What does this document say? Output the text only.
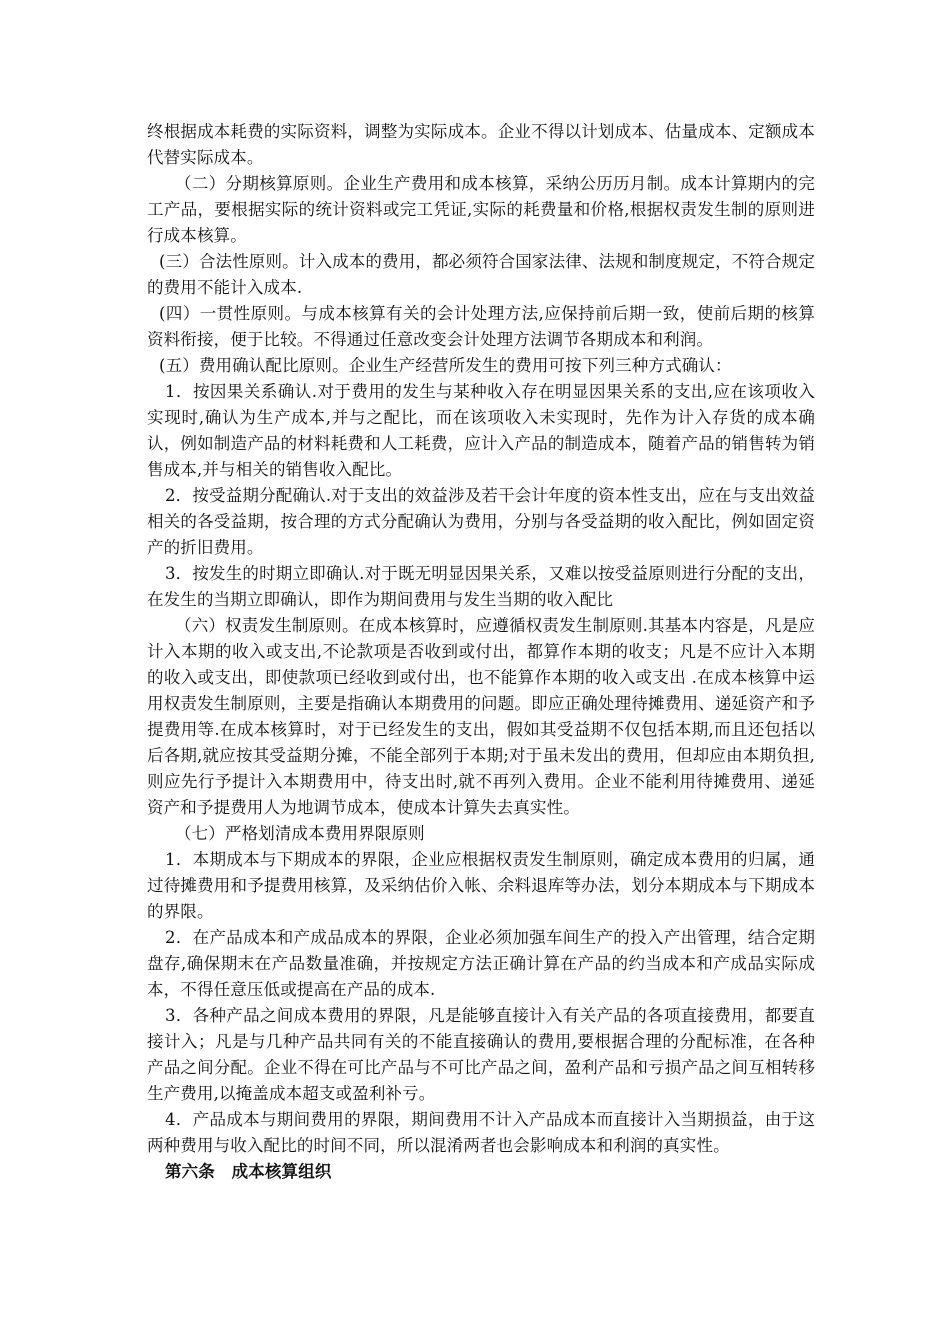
终根据成本耗费的实际资料，调整为实际成本。企业不得以计划成本、估量成本、定额成本代替实际成本。

（二）分期核算原则。企业生产费用和成本核算，采纳公历历月制。成本计算期内的完工产品，要根据实际的统计资料或完工凭证,实际的耗费量和价格,根据权责发生制的原则进行成本核算。

(三）合法性原则。计入成本的费用，都必须符合国家法律、法规和制度规定，不符合规定的费用不能计入成本.

(四）一贯性原则。与成本核算有关的会计处理方法,应保持前后期一致，使前后期的核算资料衔接，便于比较。不得通过任意改变会计处理方法调节各期成本和利润。

(五）费用确认配比原则。企业生产经营所发生的费用可按下列三种方式确认：

1．按因果关系确认.对于费用的发生与某种收入存在明显因果关系的支出,应在该项收入实现时,确认为生产成本,并与之配比，而在该项收入未实现时，先作为计入存货的成本确认，例如制造产品的材料耗费和人工耗费，应计入产品的制造成本，随着产品的销售转为销售成本,并与相关的销售收入配比。

2．按受益期分配确认.对于支出的效益涉及若干会计年度的资本性支出，应在与支出效益相关的各受益期，按合理的方式分配确认为费用，分别与各受益期的收入配比，例如固定资产的折旧费用。

3．按发生的时期立即确认.对于既无明显因果关系，又难以按受益原则进行分配的支出，在发生的当期立即确认，即作为期间费用与发生当期的收入配比

（六）权责发生制原则。在成本核算时，应遵循权责发生制原则.其基本内容是，凡是应计入本期的收入或支出,不论款项是否收到或付出，都算作本期的收支；凡是不应计入本期的收入或支出，即使款项已经收到或付出，也不能算作本期的收入或支出 .在成本核算中运用权责发生制原则，主要是指确认本期费用的问题。即应正确处理待摊费用、递延资产和予提费用等.在成本核算时，对于已经发生的支出，假如其受益期不仅包括本期,而且还包括以后各期,就应按其受益期分摊，不能全部列于本期;对于虽未发出的费用，但却应由本期负担,则应先行予提计入本期费用中，待支出时,就不再列入费用。企业不能利用待摊费用、递延资产和予提费用人为地调节成本，使成本计算失去真实性。

（七）严格划清成本费用界限原则

1．本期成本与下期成本的界限，企业应根据权责发生制原则，确定成本费用的归属，通过待摊费用和予提费用核算，及采纳估价入帐、余料退库等办法，划分本期成本与下期成本的界限。

2．在产品成本和产成品成本的界限，企业必须加强车间生产的投入产出管理，结合定期盘存,确保期末在产品数量准确，并按规定方法正确计算在产品的约当成本和产成品实际成本，不得任意压低或提高在产品的成本.

3．各种产品之间成本费用的界限，凡是能够直接计入有关产品的各项直接费用，都要直接计入；凡是与几种产品共同有关的不能直接确认的费用,要根据合理的分配标准，在各种产品之间分配。企业不得在可比产品与不可比产品之间，盈利产品和亏损产品之间互相转移生产费用,以掩盖成本超支或盈利补亏。

4．产品成本与期间费用的界限，期间费用不计入产品成本而直接计入当期损益，由于这两种费用与收入配比的时间不同，所以混淆两者也会影响成本和利润的真实性。

第六条　成本核算组织
